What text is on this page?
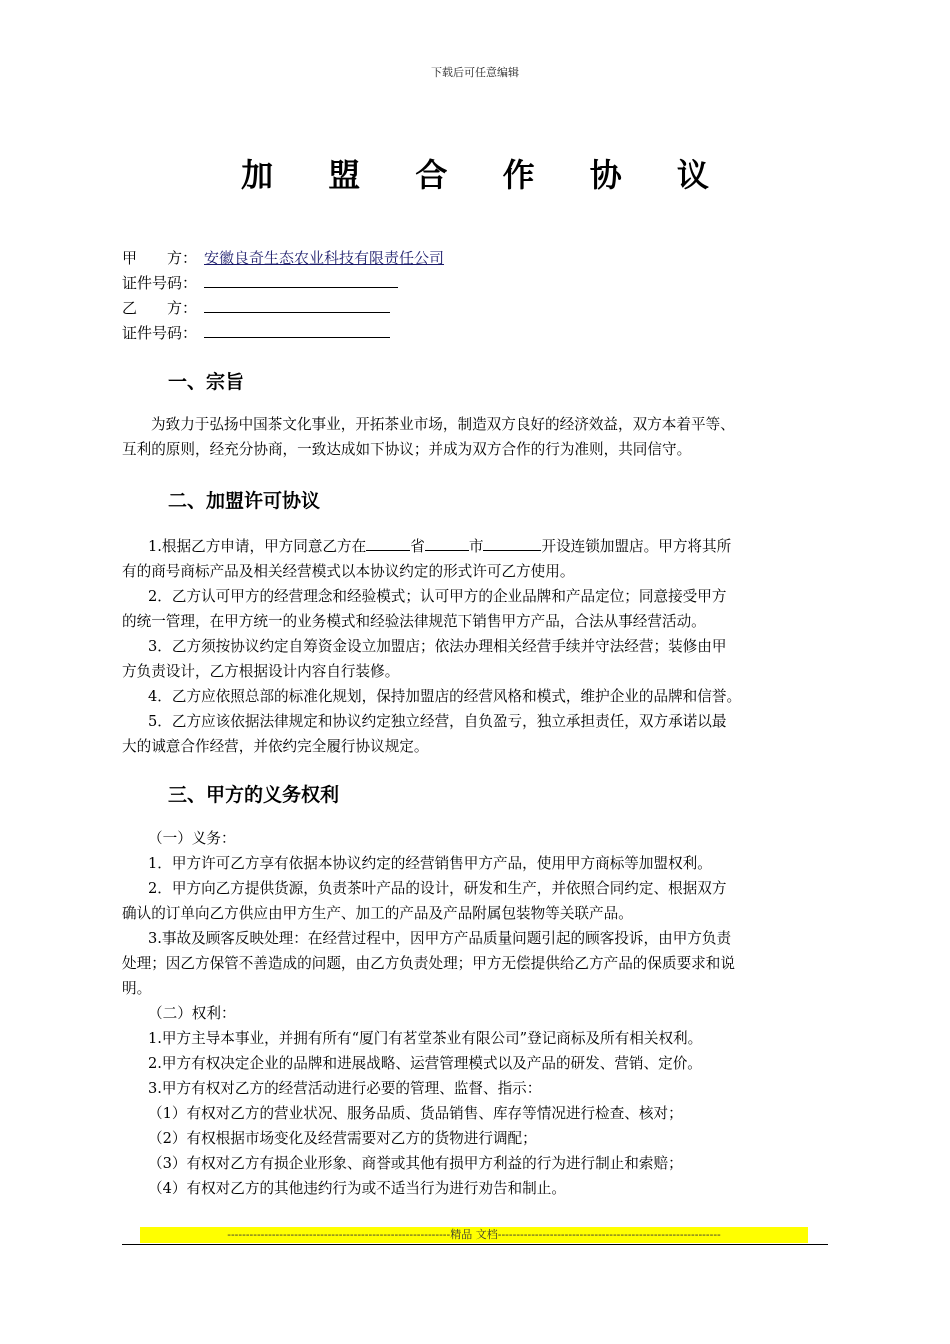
下载后可任意编辑
加 盟 合 作 协 议
甲　　方： 安徽良奇生态农业科技有限责任公司
证件号码：
乙　　方：
证件号码：
一、宗旨
为致力于弘扬中国茶文化事业，开拓茶业市场，制造双方良好的经济效益，双方本着平等、
互利的原则，经充分协商，一致达成如下协议；并成为双方合作的行为准则，共同信守。
二、加盟许可协议
1.根据乙方申请，甲方同意乙方在	省	市	开设连锁加盟店。甲方将其所
有的商号商标产品及相关经营模式以本协议约定的形式许可乙方使用。
2．乙方认可甲方的经营理念和经验模式；认可甲方的企业品牌和产品定位；同意接受甲方
的统一管理，在甲方统一的业务模式和经验法律规范下销售甲方产品，合法从事经营活动。
3．乙方须按协议约定自筹资金设立加盟店；依法办理相关经营手续并守法经营；装修由甲
方负责设计，乙方根据设计内容自行装修。
4．乙方应依照总部的标准化规划，保持加盟店的经营风格和模式，维护企业的品牌和信誉。
5．乙方应该依据法律规定和协议约定独立经营，自负盈亏，独立承担责任，双方承诺以最
大的诚意合作经营，并依约完全履行协议规定。
三、甲方的义务权利
（一）义务：
1．甲方许可乙方享有依据本协议约定的经营销售甲方产品，使用甲方商标等加盟权利。
2．甲方向乙方提供货源，负责茶叶产品的设计，研发和生产，并依照合同约定、根据双方
确认的订单向乙方供应由甲方生产、加工的产品及产品附属包装物等关联产品。
3.事故及顾客反映处理：在经营过程中，因甲方产品质量问题引起的顾客投诉，由甲方负责
处理；因乙方保管不善造成的问题，由乙方负责处理；甲方无偿提供给乙方产品的保质要求和说
明。
（二）权利：
1.甲方主导本事业，并拥有所有“厦门有茗堂茶业有限公司”登记商标及所有相关权利。
2.甲方有权决定企业的品牌和进展战略、运营管理模式以及产品的研发、营销、定价。
3.甲方有权对乙方的经营活动进行必要的管理、监督、指示：
（1）有权对乙方的营业状况、服务品质、货品销售、库存等情况进行检查、核对；
（2）有权根据市场变化及经营需要对乙方的货物进行调配；
（3）有权对乙方有损企业形象、商誉或其他有损甲方利益的行为进行制止和索赔；
（4）有权对乙方的其他违约行为或不适当行为进行劝告和制止。
------------------------------------------------------------精品 文档------------------------------------------------------------
